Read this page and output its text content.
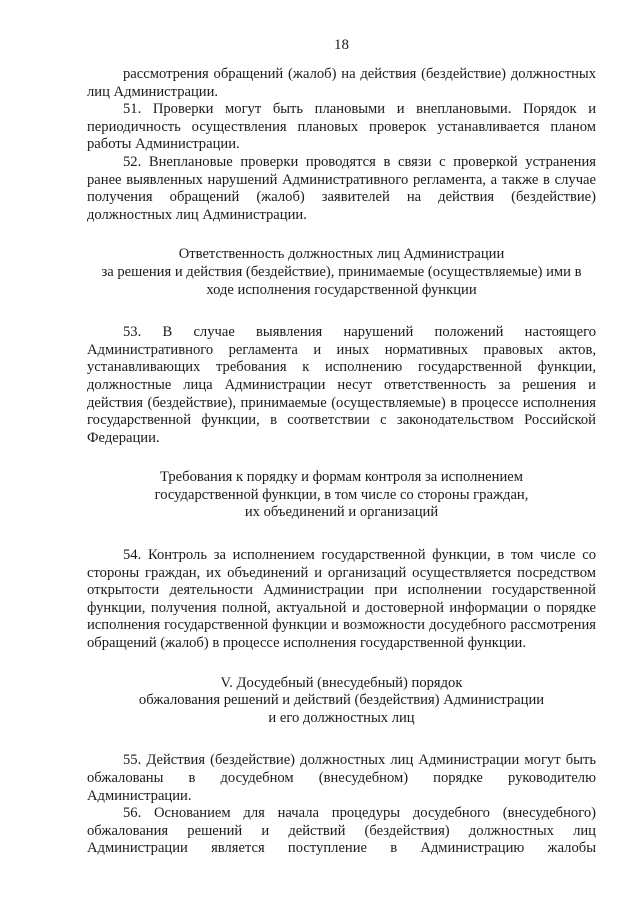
18

рассмотрения обращений (жалоб) на действия (бездействие) должностных лиц Администрации.

51. Проверки могут быть плановыми и внеплановыми. Порядок и периодичность осуществления плановых проверок устанавливается планом работы Администрации.

52. Внеплановые проверки проводятся в связи с проверкой устранения ранее выявленных нарушений Административного регламента, а также в случае получения обращений (жалоб) заявителей на действия (бездействие) должностных лиц Администрации.

Ответственность должностных лиц Администрации
за решения и действия (бездействие), принимаемые (осуществляемые) ими в
ходе исполнения государственной функции

53. В случае выявления нарушений положений настоящего Административного регламента и иных нормативных правовых актов, устанавливающих требования к исполнению государственной функции, должностные лица Администрации несут ответственность за решения и действия (бездействие), принимаемые (осуществляемые) в процессе исполнения государственной функции, в соответствии с законодательством Российской Федерации.

Требования к порядку и формам контроля за исполнением
государственной функции, в том числе со стороны граждан,
их объединений и организаций

54. Контроль за исполнением государственной функции, в том числе со стороны граждан, их объединений и организаций осуществляется посредством открытости деятельности Администрации при исполнении государственной функции, получения полной, актуальной и достоверной информации о порядке исполнения государственной функции и возможности досудебного рассмотрения обращений (жалоб) в процессе исполнения государственной функции.

V. Досудебный (внесудебный) порядок
обжалования решений и действий (бездействия) Администрации
и его должностных лиц

55. Действия (бездействие) должностных лиц Администрации могут быть обжалованы в досудебном (внесудебном) порядке руководителю Администрации.

56. Основанием для начала процедуры досудебного (внесудебного) обжалования решений и действий (бездействия) должностных лиц Администрации является поступление в Администрацию жалобы
